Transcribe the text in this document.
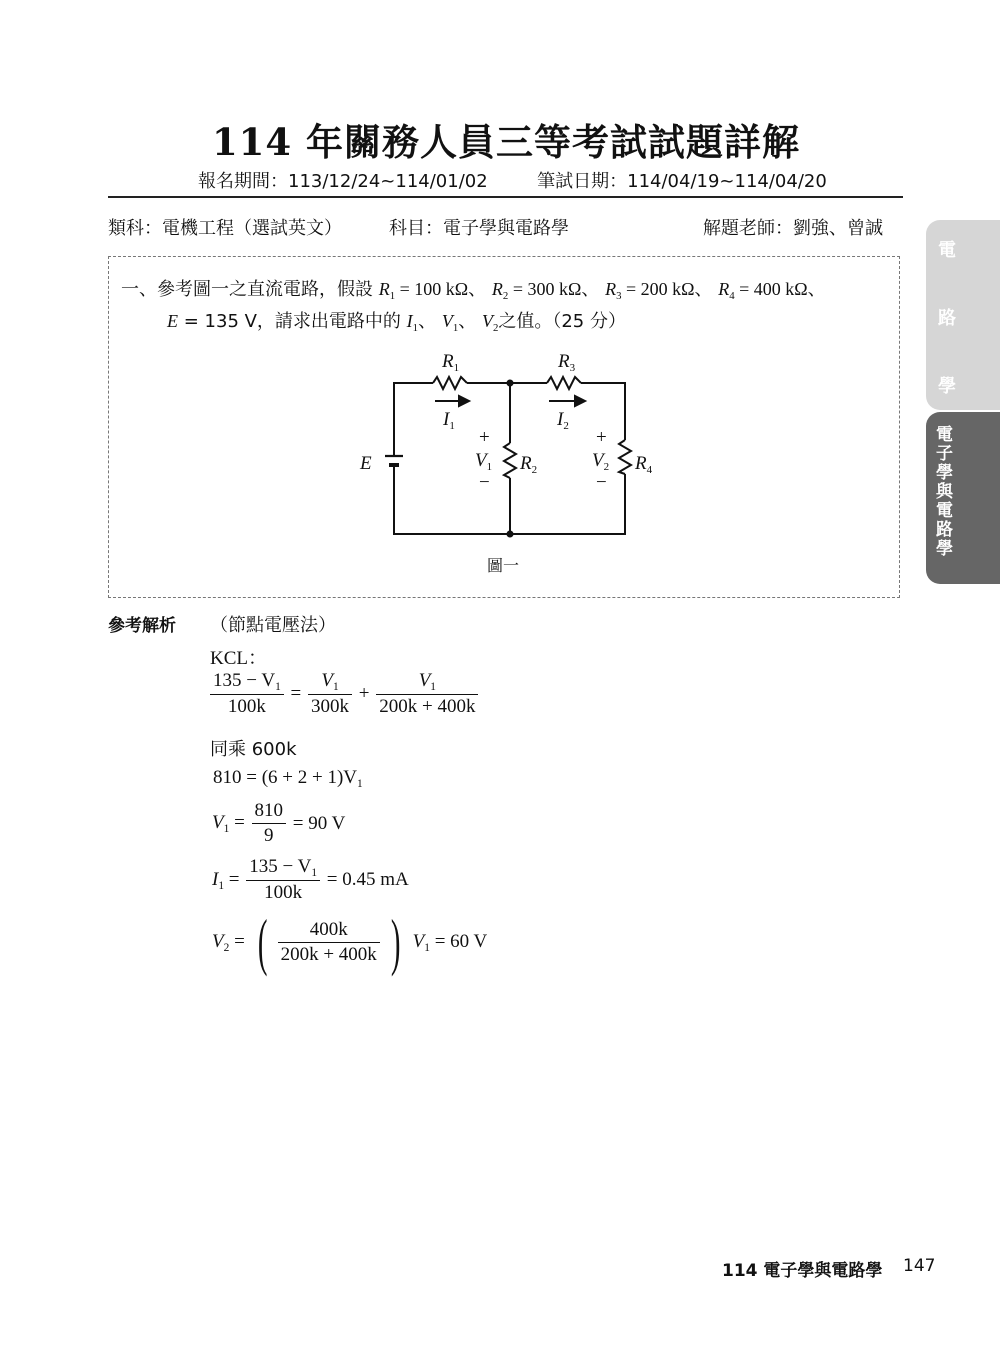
114 年關務人員三等考試試題詳解
報名期間：113/12/24~114/01/02	筆試日期：114/04/19~114/04/20
類科：電機工程（選試英文）	科目：電子學與電路學	解題老師：劉強、曾誠
電
路
學
電子學與電路學
一、參考圖一之直流電路，假設 $R_1 = 100$ kΩ、 $R_2 = 300$ kΩ、 $R_3 = 200$ kΩ、 $R_4 = 400$ kΩ、
E = 135 V，請求出電路中的 $I_1$、 $V_1$、 $V_2$之值。（25 分）
$R_1$	$R_3$
$I_1$	$I_2$
E
+
$V_1$
−
$R_2$
+
$V_2$
−
$R_4$
圖一
參考解析 （節點電壓法）
KCL：
$\frac{135 - V_1}{100k} = \frac{V_1}{300k} + \frac{V_1}{200k + 400k}$
同乘 600k
$810 = (6 + 2 + 1)V_1$
$V_1 = \frac{810}{9} = 90$ V
$I_1 = \frac{135 - V_1}{100k} = 0.45$ mA
$V_2$ = ( $\frac{400k}{200k + 400k}$ ) $V_1 = 60$ V
114 電子學與電路學 147
